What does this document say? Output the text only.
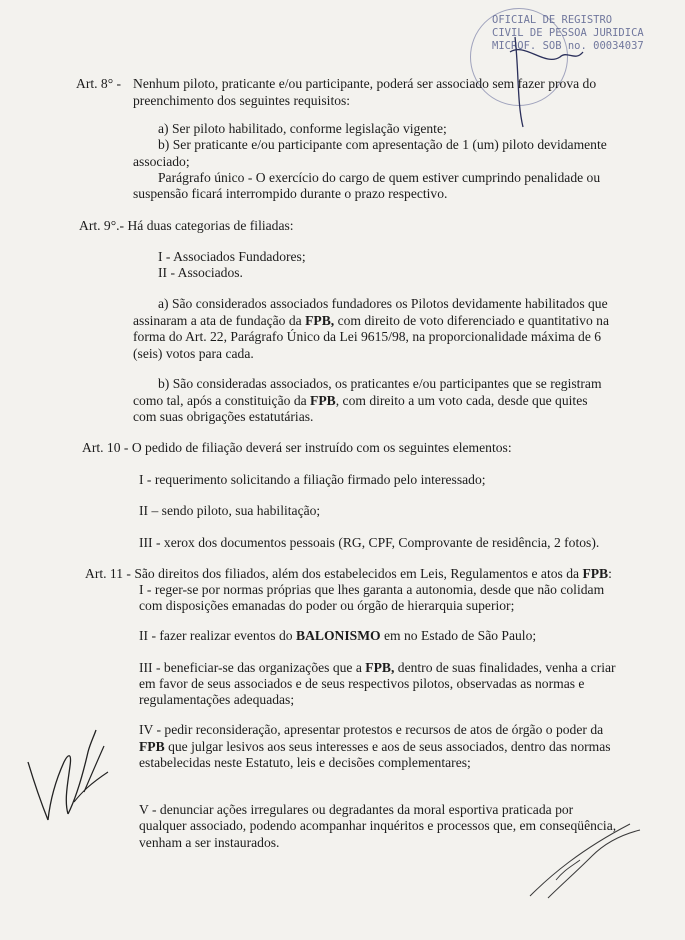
OFICIAL DE REGISTRO
CIVIL DE PESSOA JURIDICA
MICROF. SOB no. 00034037
Art. 8° - Nenhum piloto, praticante e/ou participante, poderá ser associado sem fazer prova do
preenchimento dos seguintes requisitos:
a) Ser piloto habilitado, conforme legislação vigente;
b) Ser praticante e/ou participante com apresentação de 1 (um) piloto devidamente
associado;
Parágrafo único - O exercício do cargo de quem estiver cumprindo penalidade ou
suspensão ficará interrompido durante o prazo respectivo.
Art. 9°.- Há duas categorias de filiadas:
I - Associados Fundadores;
II - Associados.
a) São considerados associados fundadores os Pilotos devidamente habilitados que
assinaram a ata de fundação da FPB, com direito de voto diferenciado e quantitativo na
forma do Art. 22, Parágrafo Único da Lei 9615/98, na proporcionalidade máxima de 6
(seis) votos para cada.
b) São consideradas associados, os praticantes e/ou participantes que se registram
como tal, após a constituição da FPB, com direito a um voto cada, desde que quites
com suas obrigações estatutárias.
Art. 10 - O pedido de filiação deverá ser instruído com os seguintes elementos:
I - requerimento solicitando a filiação firmado pelo interessado;
II – sendo piloto, sua habilitação;
III - xerox dos documentos pessoais (RG, CPF, Comprovante de residência, 2 fotos).
Art. 11 - São direitos dos filiados, além dos estabelecidos em Leis, Regulamentos e atos da FPB:
I - reger-se por normas próprias que lhes garanta a autonomia, desde que não colidam
com disposições emanadas do poder ou órgão de hierarquia superior;
II - fazer realizar eventos do BALONISMO em no Estado de São Paulo;
III - beneficiar-se das organizações que a FPB, dentro de suas finalidades, venha a criar
em favor de seus associados e de seus respectivos pilotos, observadas as normas e
regulamentações adequadas;
IV - pedir reconsideração, apresentar protestos e recursos de atos de órgão o poder da
FPB que julgar lesivos aos seus interesses e aos de seus associados, dentro das normas
estabelecidas neste Estatuto, leis e decisões complementares;
V - denunciar ações irregulares ou degradantes da moral esportiva praticada por
qualquer associado, podendo acompanhar inquéritos e processos que, em conseqüência,
venham a ser instaurados.
